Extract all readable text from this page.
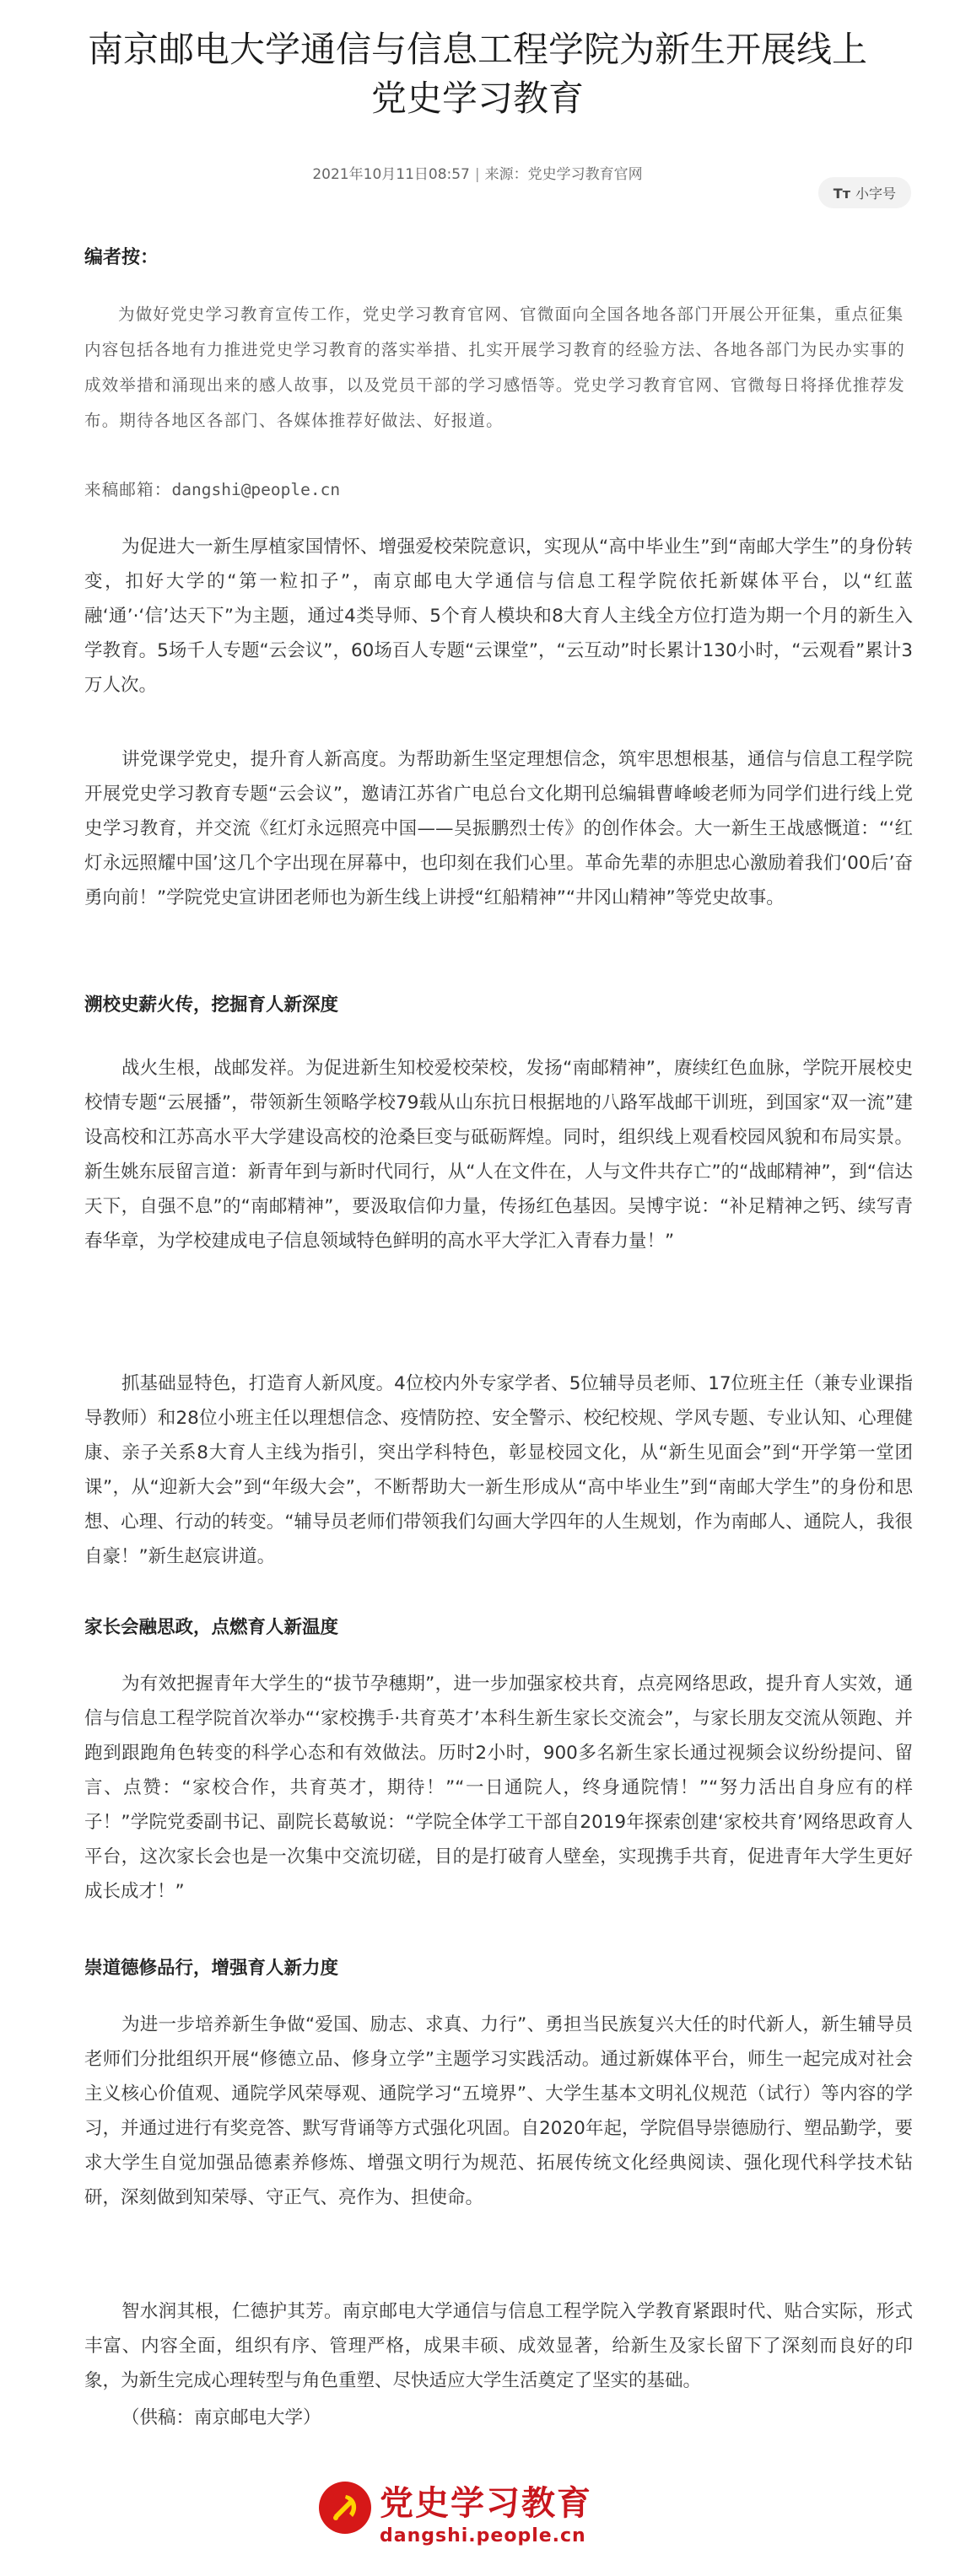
南京邮电大学通信与信息工程学院为新生开展线上党史学习教育
2021年10月11日08:57 | 来源：党史学习教育官网
Tт 小字号
编者按：
为做好党史学习教育宣传工作，党史学习教育官网、官微面向全国各地各部门开展公开征集，重点征集内容包括各地有力推进党史学习教育的落实举措、扎实开展学习教育的经验方法、各地各部门为民办实事的成效举措和涌现出来的感人故事，以及党员干部的学习感悟等。党史学习教育官网、官微每日将择优推荐发布。期待各地区各部门、各媒体推荐好做法、好报道。
来稿邮箱：dangshi@people.cn
为促进大一新生厚植家国情怀、增强爱校荣院意识，实现从“高中毕业生”到“南邮大学生”的身份转变，扣好大学的“第一粒扣子”，南京邮电大学通信与信息工程学院依托新媒体平台，以“红蓝融‘通’·‘信’达天下”为主题，通过4类导师、5个育人模块和8大育人主线全方位打造为期一个月的新生入学教育。5场千人专题“云会议”，60场百人专题“云课堂”，“云互动”时长累计130小时，“云观看”累计3万人次。
讲党课学党史，提升育人新高度。为帮助新生坚定理想信念，筑牢思想根基，通信与信息工程学院开展党史学习教育专题“云会议”，邀请江苏省广电总台文化期刊总编辑曹峰峻老师为同学们进行线上党史学习教育，并交流《红灯永远照亮中国——吴振鹏烈士传》的创作体会。大一新生王战感慨道：“‘红灯永远照耀中国’这几个字出现在屏幕中，也印刻在我们心里。革命先辈的赤胆忠心激励着我们‘00后’奋勇向前！”学院党史宣讲团老师也为新生线上讲授“红船精神”“井冈山精神”等党史故事。
溯校史薪火传，挖掘育人新深度
战火生根，战邮发祥。为促进新生知校爱校荣校，发扬“南邮精神”，赓续红色血脉，学院开展校史校情专题“云展播”，带领新生领略学校79载从山东抗日根据地的八路军战邮干训班，到国家“双一流”建设高校和江苏高水平大学建设高校的沧桑巨变与砥砺辉煌。同时，组织线上观看校园风貌和布局实景。新生姚东辰留言道：新青年到与新时代同行，从“人在文件在，人与文件共存亡”的“战邮精神”，到“信达天下，自强不息”的“南邮精神”，要汲取信仰力量，传扬红色基因。吴博宇说：“补足精神之钙、续写青春华章，为学校建成电子信息领域特色鲜明的高水平大学汇入青春力量！”
抓基础显特色，打造育人新风度。4位校内外专家学者、5位辅导员老师、17位班主任（兼专业课指导教师）和28位小班主任以理想信念、疫情防控、安全警示、校纪校规、学风专题、专业认知、心理健康、亲子关系8大育人主线为指引，突出学科特色，彰显校园文化，从“新生见面会”到“开学第一堂团课”，从“迎新大会”到“年级大会”，不断帮助大一新生形成从“高中毕业生”到“南邮大学生”的身份和思想、心理、行动的转变。“辅导员老师们带领我们勾画大学四年的人生规划，作为南邮人、通院人，我很自豪！”新生赵宸讲道。
家长会融思政，点燃育人新温度
为有效把握青年大学生的“拔节孕穗期”，进一步加强家校共育，点亮网络思政，提升育人实效，通信与信息工程学院首次举办“‘家校携手·共育英才’本科生新生家长交流会”，与家长朋友交流从领跑、并跑到跟跑角色转变的科学心态和有效做法。历时2小时，900多名新生家长通过视频会议纷纷提问、留言、点赞：“家校合作，共育英才，期待！”“一日通院人，终身通院情！”“努力活出自身应有的样子！”学院党委副书记、副院长葛敏说：“学院全体学工干部自2019年探索创建‘家校共育’网络思政育人平台，这次家长会也是一次集中交流切磋，目的是打破育人壁垒，实现携手共育，促进青年大学生更好成长成才！”
崇道德修品行，增强育人新力度
为进一步培养新生争做“爱国、励志、求真、力行”、勇担当民族复兴大任的时代新人，新生辅导员老师们分批组织开展“修德立品、修身立学”主题学习实践活动。通过新媒体平台，师生一起完成对社会主义核心价值观、通院学风荣辱观、通院学习“五境界”、大学生基本文明礼仪规范（试行）等内容的学习，并通过进行有奖竞答、默写背诵等方式强化巩固。自2020年起，学院倡导崇德励行、塑品勤学，要求大学生自觉加强品德素养修炼、增强文明行为规范、拓展传统文化经典阅读、强化现代科学技术钻研，深刻做到知荣辱、守正气、亮作为、担使命。
智水润其根，仁德护其芳。南京邮电大学通信与信息工程学院入学教育紧跟时代、贴合实际，形式丰富、内容全面，组织有序、管理严格，成果丰硕、成效显著，给新生及家长留下了深刻而良好的印象，为新生完成心理转型与角色重塑、尽快适应大学生活奠定了坚实的基础。
（供稿：南京邮电大学）
党史学习教育
dangshi.people.cn
